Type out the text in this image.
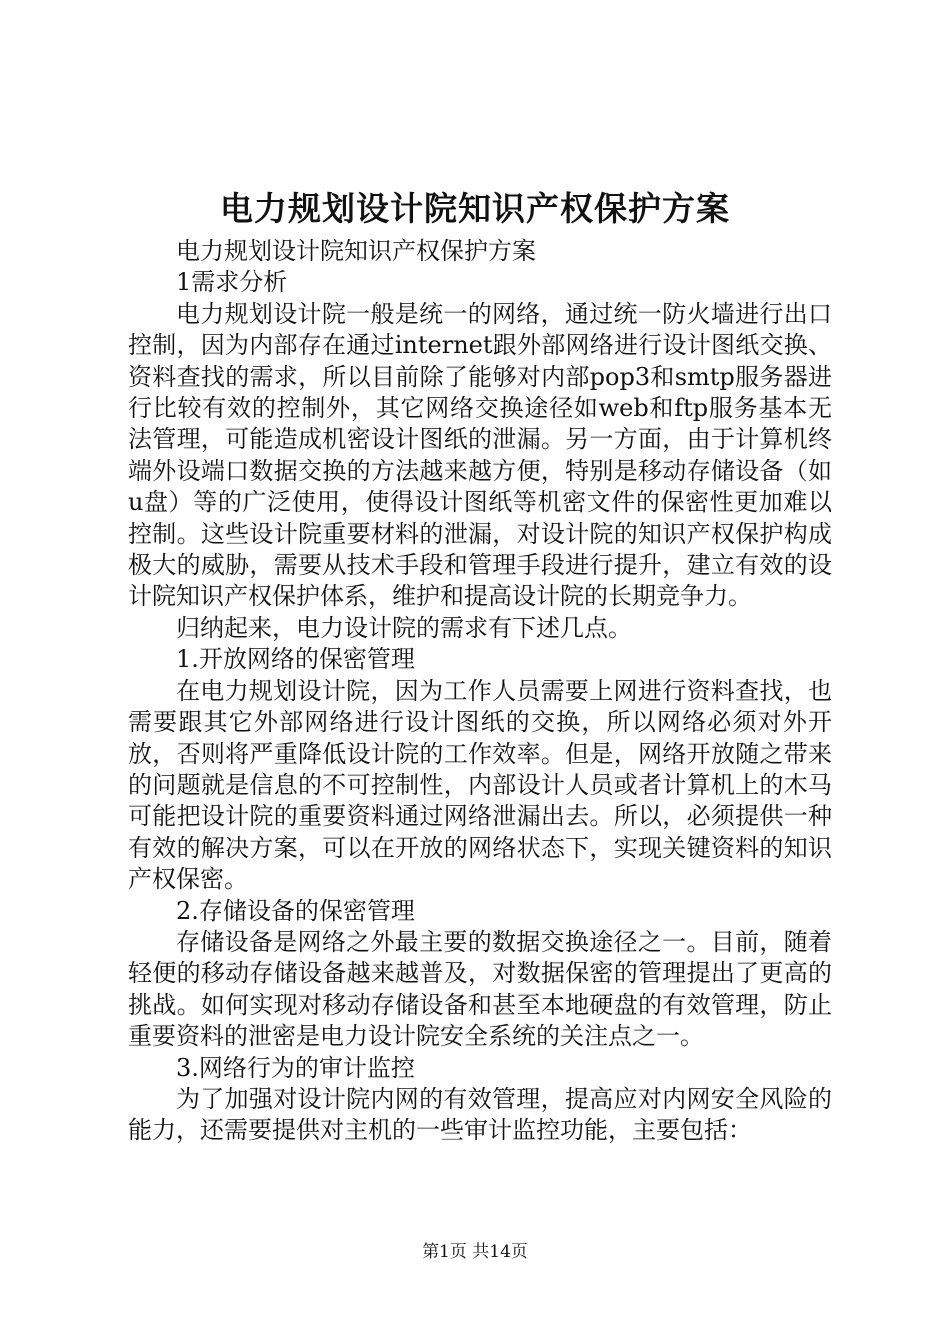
电力规划设计院知识产权保护方案

电力规划设计院知识产权保护方案

1需求分析

电力规划设计院一般是统一的网络，通过统一防火墙进行出口控制，因为内部存在通过internet跟外部网络进行设计图纸交换、资料查找的需求，所以目前除了能够对内部pop3和smtp服务器进行比较有效的控制外，其它网络交换途径如web和ftp服务基本无法管理，可能造成机密设计图纸的泄漏。另一方面，由于计算机终端外设端口数据交换的方法越来越方便，特别是移动存储设备（如u盘）等的广泛使用，使得设计图纸等机密文件的保密性更加难以控制。这些设计院重要材料的泄漏，对设计院的知识产权保护构成极大的威胁，需要从技术手段和管理手段进行提升，建立有效的设计院知识产权保护体系，维护和提高设计院的长期竞争力。

归纳起来，电力设计院的需求有下述几点。

1.开放网络的保密管理

在电力规划设计院，因为工作人员需要上网进行资料查找，也需要跟其它外部网络进行设计图纸的交换，所以网络必须对外开放，否则将严重降低设计院的工作效率。但是，网络开放随之带来的问题就是信息的不可控制性，内部设计人员或者计算机上的木马可能把设计院的重要资料通过网络泄漏出去。所以，必须提供一种有效的解决方案，可以在开放的网络状态下，实现关键资料的知识产权保密。

2.存储设备的保密管理

存储设备是网络之外最主要的数据交换途径之一。目前，随着轻便的移动存储设备越来越普及，对数据保密的管理提出了更高的挑战。如何实现对移动存储设备和甚至本地硬盘的有效管理，防止重要资料的泄密是电力设计院安全系统的关注点之一。

3.网络行为的审计监控

为了加强对设计院内网的有效管理，提高应对内网安全风险的能力，还需要提供对主机的一些审计监控功能，主要包括：

第1页 共14页
